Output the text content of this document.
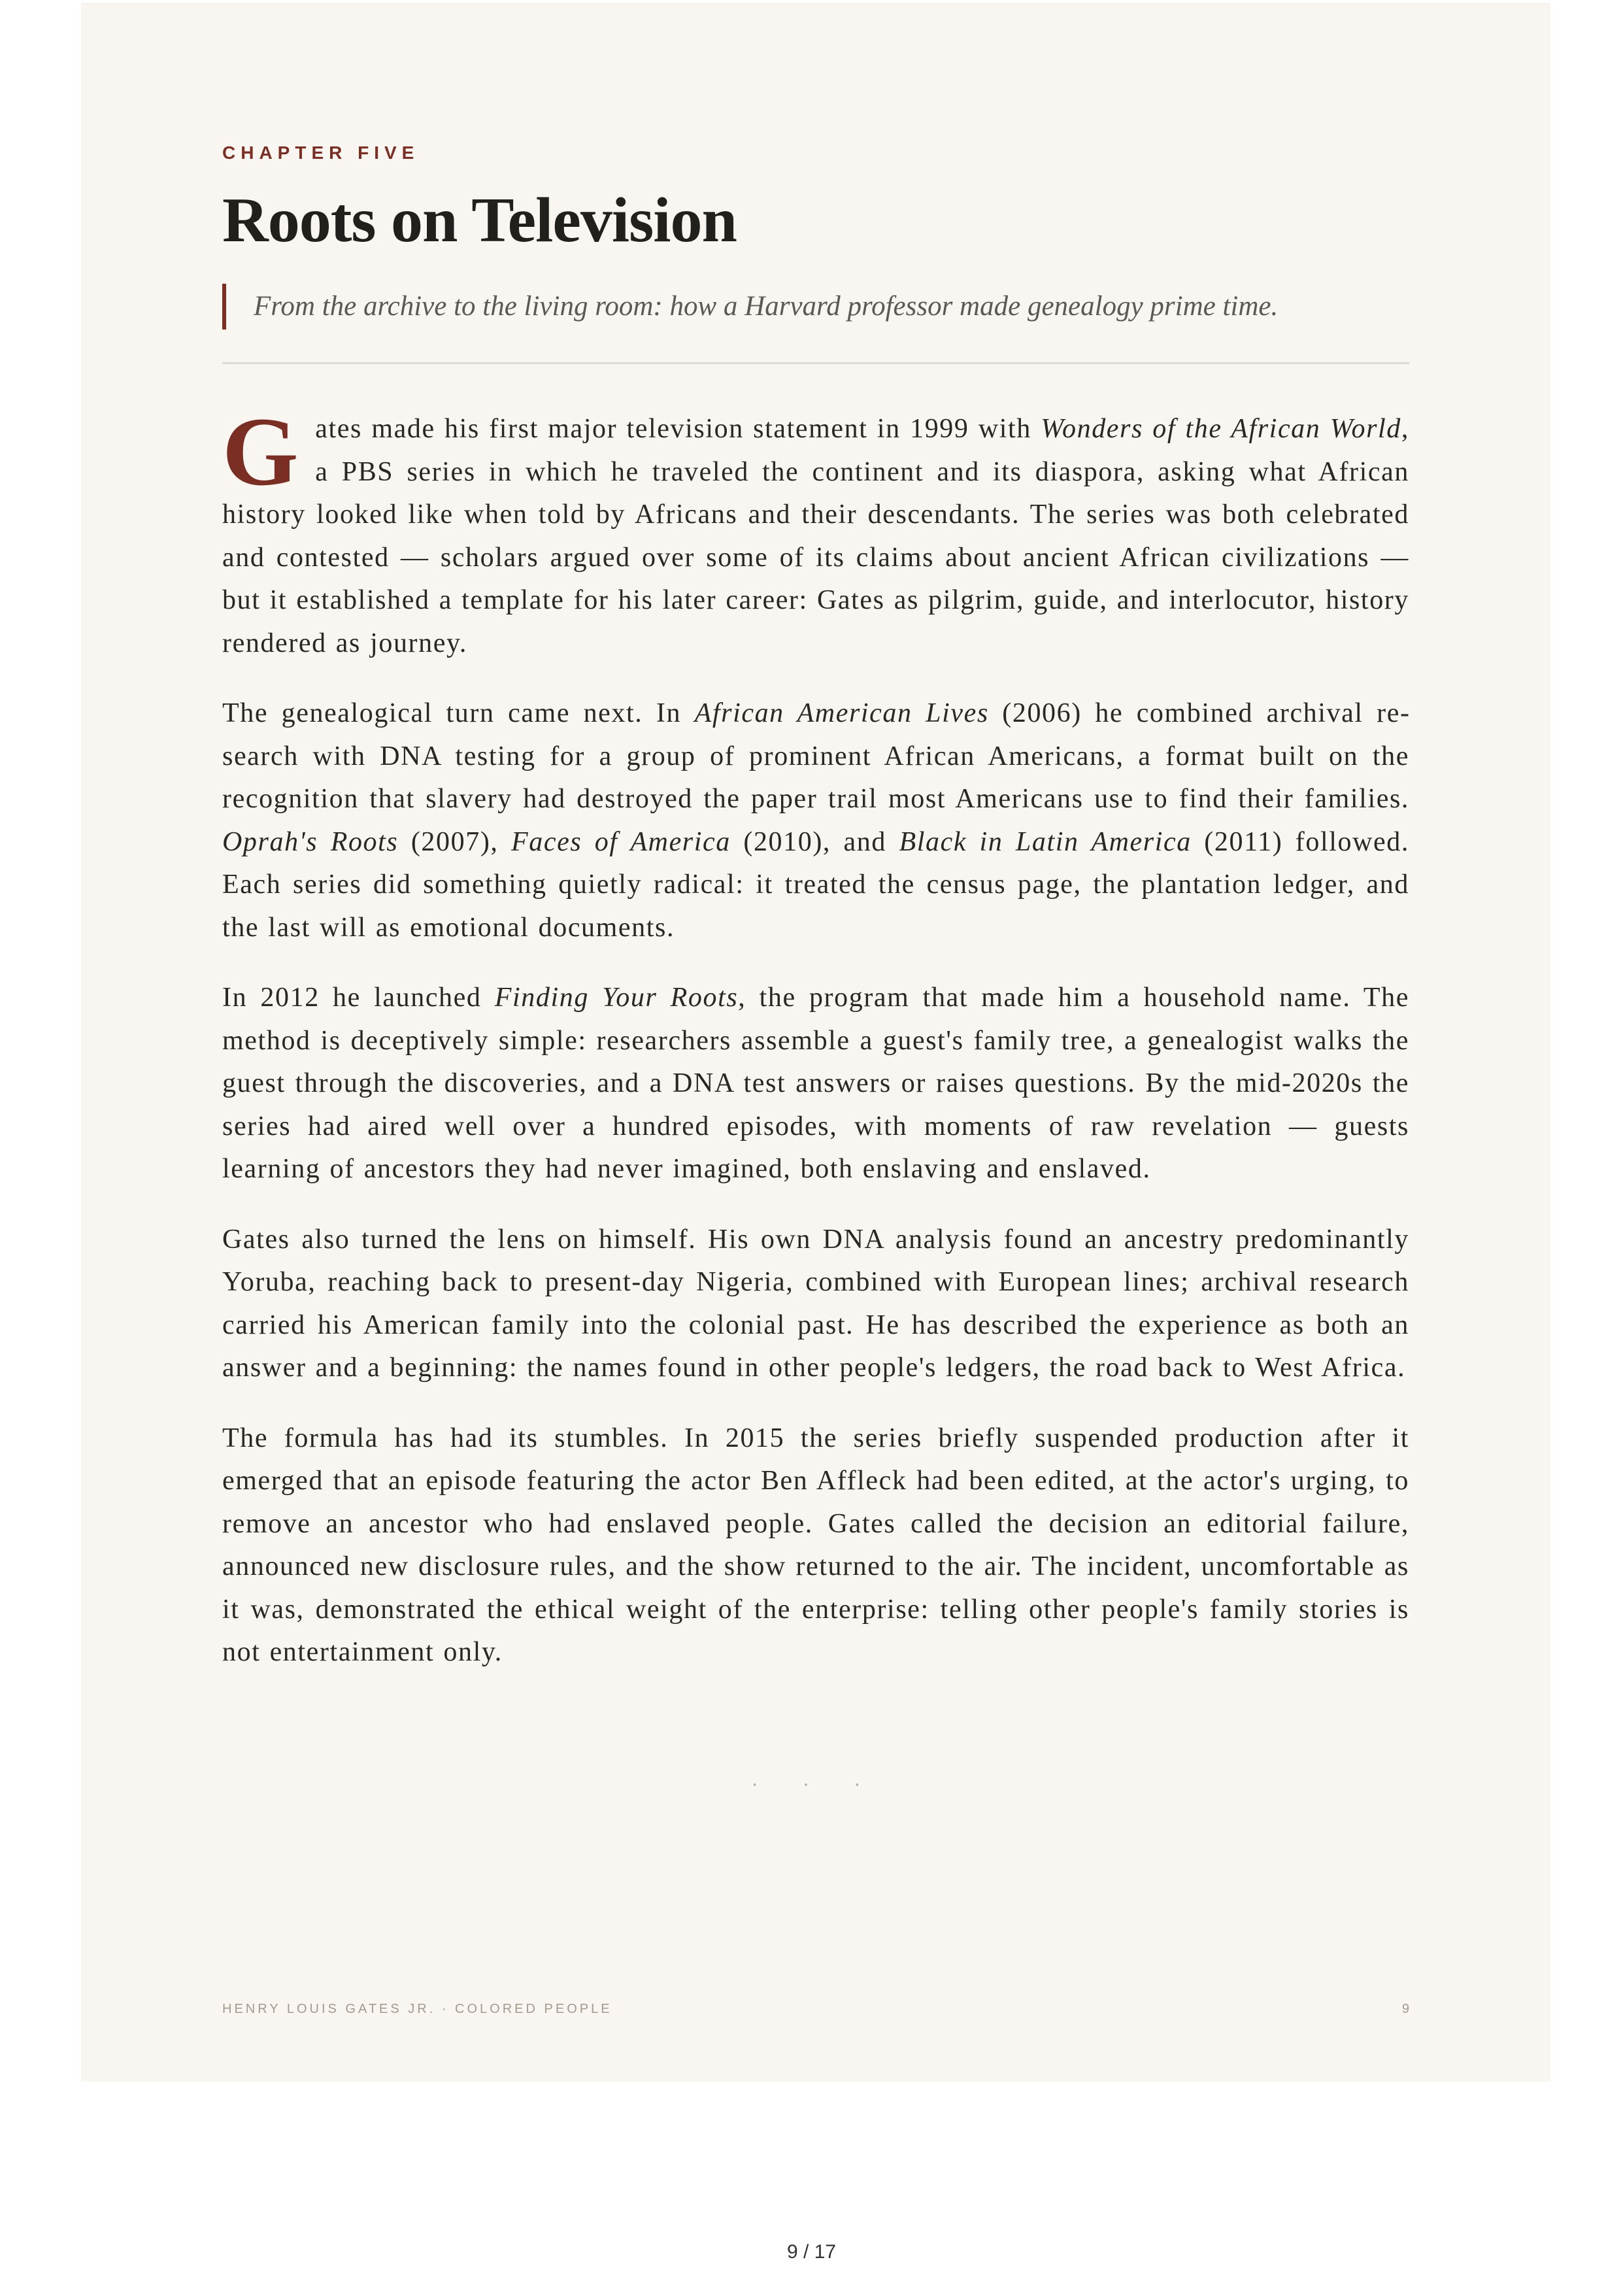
CHAPTER FIVE
Roots on Television
From the archive to the living room: how a Harvard professor made genealogy prime time.

Gates made his first major television statement in 1999 with Wonders of the African World, a PBS series in which he traveled the continent and its diaspora, asking what African history looked like when told by Africans and their descendants. The series was both celebrated and contested — scholars argued over some of its claims about ancient African civilizations — but it established a template for his later career: Gates as pilgrim, guide, and interlocutor, history rendered as journey.

The genealogical turn came next. In African American Lives (2006) he combined archival research with DNA testing for a group of prominent African Americans, a format built on the recognition that slavery had destroyed the paper trail most Americans use to find their families. Oprah's Roots (2007), Faces of America (2010), and Black in Latin America (2011) followed. Each series did something quietly radical: it treated the census page, the plantation ledger, and the last will as emotional documents.

In 2012 he launched Finding Your Roots, the program that made him a household name. The method is deceptively simple: researchers assemble a guest's family tree, a genealogist walks the guest through the discoveries, and a DNA test answers or raises questions. By the mid-2020s the series had aired well over a hundred episodes, with moments of raw revelation — guests learning of ancestors they had never imagined, both enslaving and enslaved.

Gates also turned the lens on himself. His own DNA analysis found an ancestry predominantly Yoruba, reaching back to present-day Nigeria, combined with European lines; archival research carried his American family into the colonial past. He has described the experience as both an answer and a beginning: the names found in other people's ledgers, the road back to West Africa.

The formula has had its stumbles. In 2015 the series briefly suspended production after it emerged that an episode featuring the actor Ben Affleck had been edited, at the actor's urging, to remove an ancestor who had enslaved people. Gates called the decision an editorial failure, announced new disclosure rules, and the show returned to the air. The incident, uncomfortable as it was, demonstrated the ethical weight of the enterprise: telling other people's family stories is not entertainment only.

· · ·
HENRY LOUIS GATES JR. · COLORED PEOPLE	9
9 / 17
